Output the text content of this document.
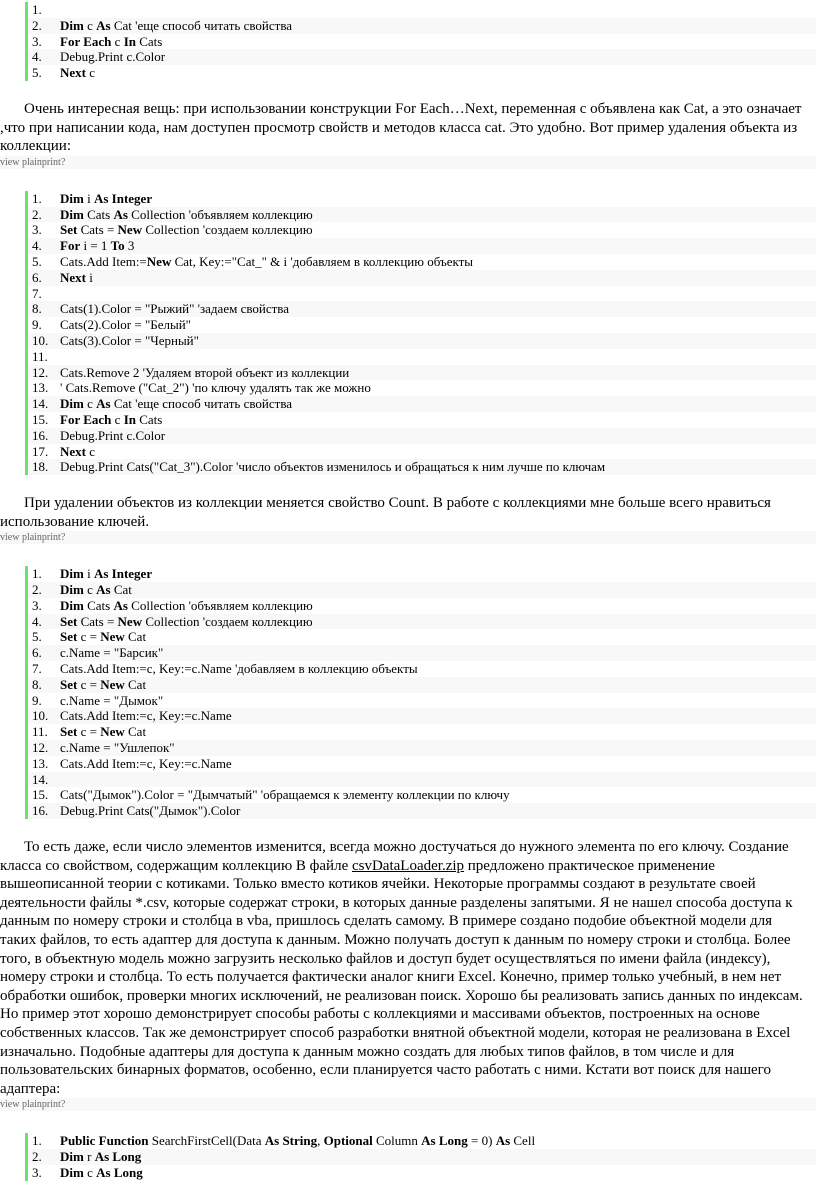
1.
2.	Dim c As Cat 'еще способ читать свойства
3.	For Each c In Cats
4.	Debug.Print c.Color
5.	Next c

Очень интересная вещь: при использовании конструкции For Each…Next, переменная c объявлена как Cat, а это означает ,что при написании кода, нам доступен просмотр свойств и методов класса cat. Это удобно. Вот пример удаления объекта из коллекции:

view plainprint?
1.	Dim i As Integer
2.	Dim Cats As Collection 'объявляем коллекцию
3.	Set Cats = New Collection 'создаем коллекцию
4.	For i = 1 To 3
5.	Cats.Add Item:=New Cat, Key:="Cat_" & i 'добавляем в коллекцию объекты
6.	Next i
7.
8.	Cats(1).Color = "Рыжий" 'задаем свойства
9.	Cats(2).Color = "Белый"
10. Cats(3).Color = "Черный"
11.
12. Cats.Remove 2 'Удаляем второй объект из коллекции
13. ' Cats.Remove ("Cat_2") 'по ключу удалять так же можно
14. Dim c As Cat 'еще способ читать свойства
15. For Each c In Cats
16. Debug.Print c.Color
17. Next c
18. Debug.Print Cats("Cat_3").Color 'число объектов изменилось и обращаться к ним лучше по ключам

При удалении объектов из коллекции меняется свойство Count. В работе с коллекциями мне больше всего нравиться использование ключей.

view plainprint?
1.	Dim i As Integer
2.	Dim c As Cat
3.	Dim Cats As Collection 'объявляем коллекцию
4.	Set Cats = New Collection 'создаем коллекцию
5.	Set c = New Cat
6.	c.Name = "Барсик"
7.	Cats.Add Item:=c, Key:=c.Name 'добавляем в коллекцию объекты
8.	Set c = New Cat
9.	c.Name = "Дымок"
10. Cats.Add Item:=c, Key:=c.Name
11. Set c = New Cat
12. c.Name = "Ушлепок"
13. Cats.Add Item:=c, Key:=c.Name
14.
15. Cats("Дымок").Color = "Дымчатый" 'обращаемся к элементу коллекции по ключу
16. Debug.Print Cats("Дымок").Color

То есть даже, если число элементов изменится, всегда можно достучаться до нужного элемента по его ключу. Создание класса со свойством, содержащим коллекцию В файле csvDataLoader.zip предложено практическое применение вышеописанной теории с котиками. Только вместо котиков ячейки. Некоторые программы создают в результате своей деятельности файлы *.csv, которые содержат строки, в которых данные разделены запятыми. Я не нашел способа доступа к данным по номеру строки и столбца в vba, пришлось сделать самому. В примере создано подобие объектной модели для таких файлов, то есть адаптер для доступа к данным. Можно получать доступ к данным по номеру строки и столбца. Более того, в объектную модель можно загрузить несколько файлов и доступ будет осуществляться по имени файла (индексу), номеру строки и столбца. То есть получается фактически аналог книги Excel. Конечно, пример только учебный, в нем нет обработки ошибок, проверки многих исключений, не реализован поиск. Хорошо бы реализовать запись данных по индексам. Но пример этот хорошо демонстрирует способы работы с коллекциями и массивами объектов, построенных на основе собственных классов. Так же демонстрирует способ разработки внятной объектной модели, которая не реализована в Excel изначально. Подобные адаптеры для доступа к данным можно создать для любых типов файлов, в том числе и для пользовательских бинарных форматов, особенно, если планируется часто работать с ними. Кстати вот поиск для нашего адаптера:

view plainprint?
1.	Public Function SearchFirstCell(Data As String, Optional Column As Long = 0) As Cell
2.	Dim r As Long
3.	Dim c As Long
